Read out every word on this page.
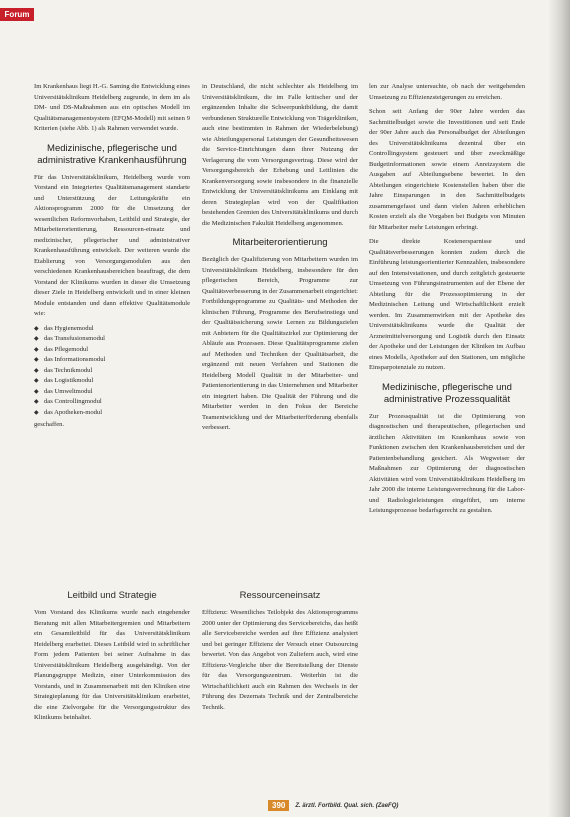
Forum

Im Krankenhaus liegt H.-G. Saming die Entwicklung eines Universitätsklinikum Heidelberg zugrunde, in dem im als DM- und DS-Maßnahmen aus ein optisches Modell im Qualitätsmanagementsystem (EFQM-Modell) mit seinen 9 Kriterien (siehe Abb. 1) als Rahmen verwendet wurde.

Medizinische, pflegerische und administrative Krankenhausführung

Für das Universitätsklinikum, Heidelberg wurde vom Vorstand ein Integriertes Qualitätsmanagement standarte und Unterstützung der Leitungskräfte ein Aktionsprogramm 2000 für die Umsetzung der wesentlichen Reformvorhaben, Leitbild und Strategie, der Mitarbeiterorientierung, Ressourcen-einsatz und medizinischer, pflegerischer und administrativer Krankenhausführung entwickelt. Der weiteren wurde die Etablierung von Versorgungsmodulen aus den verschiedenen Krankenhausbereichen beauftragt, die dem Vorstand der Klinikums wurden in dieser die Umsetzung dieser Ziele in Heidelberg entwickelt und in einer kleinen Module entstanden und dann effektive Qualitätsmodule wie:

◆ das Hygienemodul
◆ das Transfusionsmodul
◆ das Pflegemodul
◆ das Informationsmodul
◆ das Technikmodul
◆ das Logistikmodul
◆ das Umweltmodul
◆ das Controllingmodul
◆ das Apotheken-modul

geschaffen.

in Deutschland, die nicht schlechter als Heidelberg im Universitätsklinikum, die im Falle kritischer und der ergänzenden Inhalte die Schwerpunktbildung, die damit verbundenen Strukturelle Entwicklung von Trägerkliniken, auch eine bestimmten in Rahmen der Wiederbelebung) wie Abteilungspersonal Leistungen der Gesundheitswesen die Service-Einrichtungen dann ihrer Nutzung der Verlagerung die vom Versorgungsvertrag. Diese wird der Versorgungsbereich der Erhebung und Leitlinien die Krankenversorgung sowie insbesondere in die finanzielle Entwicklung der Universitätsklinikums am Einklang mit deren Strategieplan wird von der Qualifikation bestehenden Gremien des Universitätsklinikums und durch die Medizinischen Fakultät Heidelberg angenommen.

Mitarbeiterorientierung

Bezüglich der Qualifizierung von Mitarbeitern wurden im Universitätsklinikum Heidelberg, insbesondere für den pflegerischen Bereich, Programme zur Qualitätsverbesserung in der Zusammenarbeit eingerichtet: Fortbildungsprogramme zu Qualitäts- und Methoden der klinischen Führung, Programme des Berufseinstiegs und der Qualitätssicherung sowie Lernen zu Bildungszielen mit Anbietern für die Qualitätszirkel zur Optimierung der Abläufe aus Prozessen. Diese Qualitätsprogramme zielen auf Methoden und Techniken der Qualitätsarbeit, die ergänzend mit neuen Verfahren und Stationen die Heidelberg Modell Qualität in der Mitarbeiter- und Patientenorientierung in das Unternehmen und Mitarbeiter ein integriert haben. Die Qualität der Führung und die Mitarbeiter werden in den Fokus der Bereiche Teamentwicklung und der Mitarbeiterförderung ebenfalls verbessert.

len zur Analyse untersuchte, ob nach der weitgehenden Umsetzung zu Effizienzsteigerungen zu erreichen.

Schon seit Anfang der 90er Jahre werden das Sachmittelbudget sowie die Investitionen und seit Ende der 90er Jahre auch das Personalbudget der Abteilungen des Universitätsklinikums dezentral über ein Controllingsystem gesteuert und über zweckmäßige Budgetinformationen sowie einem Anreizsystem die Ausgaben auf Abteilungsebene bewertet. In den Abteilungen eingerichtete Kostenstellen haben über die Jahre Einsparungen in den Sachmittelbudgets zusammengefasst und dann vielen Jahren erheblichen Kosten erzielt als die Vorgaben bei Budgets von Minuten für Mitarbeiter mehr Leistungen erbringt.

Die direkte Kostenersparnisse und Qualitätsverbesserungen konnten zudem durch die Einführung leistungsorientierter Kennzahlen, insbesondere auf den Intensivstationen, und durch zeitgleich gesteuerte Umsetzung von Führungsinstrumenten auf der Ebene der Abteilung für die Prozessoptimierung in der Medizinischen Leitung und Wirtschaftlichkeit erzielt werden. Im Zusammenwirken mit der Apotheke des Universitätsklinikums wurde die Qualität der Arzneimittelversorgung und Logistik durch den Einsatz der Apotheke und der Leistungen der Kliniken im Aufbau eines Modells, Apotheker auf den Stationen, um mögliche Einsparpotenziale zu nutzen.

Medizinische, pflegerische und administrative Prozessqualität

Zur Prozessqualität ist die Optimierung von diagnostischen und therapeutischen, pflegerischen und ärztlichen Aktivitäten im Krankenhaus sowie von Funktionen zwischen den Krankenhausbereichen und der Patientenbehandlung gesichert. Als Wegweiser der Maßnahmen zur Optimierung der diagnostischen Aktivitäten wird vom Universitätsklinikum Heidelberg im Jahr 2000 die interne Leistungsverrechnung für die Labor- und Radiologieleistungen eingeführt, um interne Leistungsprozesse bedarfsgerecht zu gestalten.

Leitbild und Strategie

Vom Vorstand des Klinikums wurde nach eingehender Beratung mit allen Mitarbeitergremien und Mitarbeitern ein Gesamtleitbild für das Universitätsklinikum Heidelberg erarbeitet. Dieses Leitbild wird in schriftlicher Form jedem Patienten bei seiner Aufnahme in das Universitätsklinikum Heidelberg ausgehändigt. Von der Planungsgruppe Medizin, einer Unterkommission des Vorstands, und in Zusammenarbeit mit den Kliniken eine Strategieplanung für das Universitätsklinikum erarbeitet, die eine Zielvorgabe für die Versorgungsstruktur des Klinikums beinhaltet.

Ressourceneinsatz

Effizienz: Wesentliches Teilobjekt des Aktionsprogramms 2000 unter der Optimierung des Servicebereichs, das heißt alle Servicebereiche werden auf ihre Effizienz analysiert und bei geringer Effizienz der Versuch einer Outsourcing bewertet. Von das Angebot von Zuliefern auch, wird eine Effizienz-Vergleiche über die Bereitstellung der Dienste für das Versorgungszentrum. Weiterhin ist die Wirtschaftlichkeit auch ein Rahmen des Wechsels in der Führung des Dezernats Technik und der Zentralbereiche Technik.

390	Z. ärztl. Fortbild. Qual. sich. (ZaeFQ)
